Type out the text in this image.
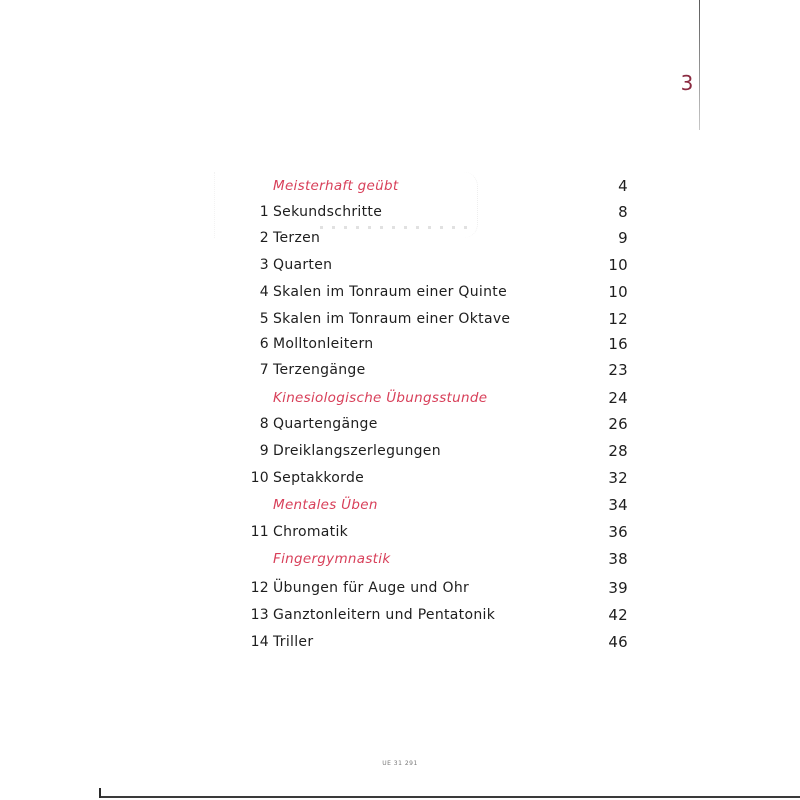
3
Meisterhaft geübt	4
1 Sekundschritte	8
2 Terzen	9
3 Quarten	10
4 Skalen im Tonraum einer Quinte	10
5 Skalen im Tonraum einer Oktave	12
6 Molltonleitern	16
7 Terzengänge	23
Kinesiologische Übungsstunde	24
8 Quartengänge	26
9 Dreiklangszerlegungen	28
10 Septakkorde	32
Mentales Üben	34
11 Chromatik	36
Fingergymnastik	38
12 Übungen für Auge und Ohr	39
13 Ganztonleitern und Pentatonik	42
14 Triller	46
UE 31 291
